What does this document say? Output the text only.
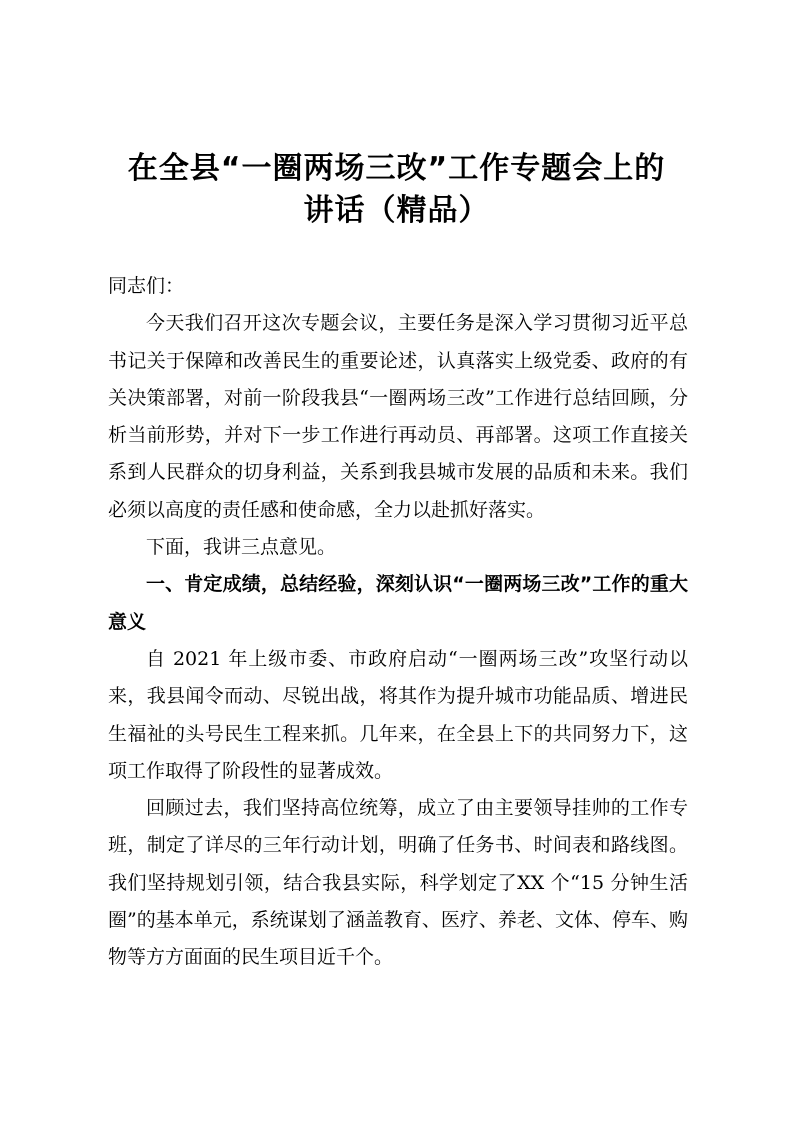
在全县“一圈两场三改”工作专题会上的
讲话（精品）

同志们：

今天我们召开这次专题会议，主要任务是深入学习贯彻习近平总书记关于保障和改善民生的重要论述，认真落实上级党委、政府的有关决策部署，对前一阶段我县“一圈两场三改”工作进行总结回顾，分析当前形势，并对下一步工作进行再动员、再部署。这项工作直接关系到人民群众的切身利益，关系到我县城市发展的品质和未来。我们必须以高度的责任感和使命感，全力以赴抓好落实。

下面，我讲三点意见。

一、肯定成绩，总结经验，深刻认识“一圈两场三改”工作的重大意义

自 2021 年上级市委、市政府启动“一圈两场三改”攻坚行动以来，我县闻令而动、尽锐出战，将其作为提升城市功能品质、增进民生福祉的头号民生工程来抓。几年来，在全县上下的共同努力下，这项工作取得了阶段性的显著成效。

回顾过去，我们坚持高位统筹，成立了由主要领导挂帅的工作专班，制定了详尽的三年行动计划，明确了任务书、时间表和路线图。我们坚持规划引领，结合我县实际，科学划定了XX 个“15 分钟生活圈”的基本单元，系统谋划了涵盖教育、医疗、养老、文体、停车、购物等方方面面的民生项目近千个。
